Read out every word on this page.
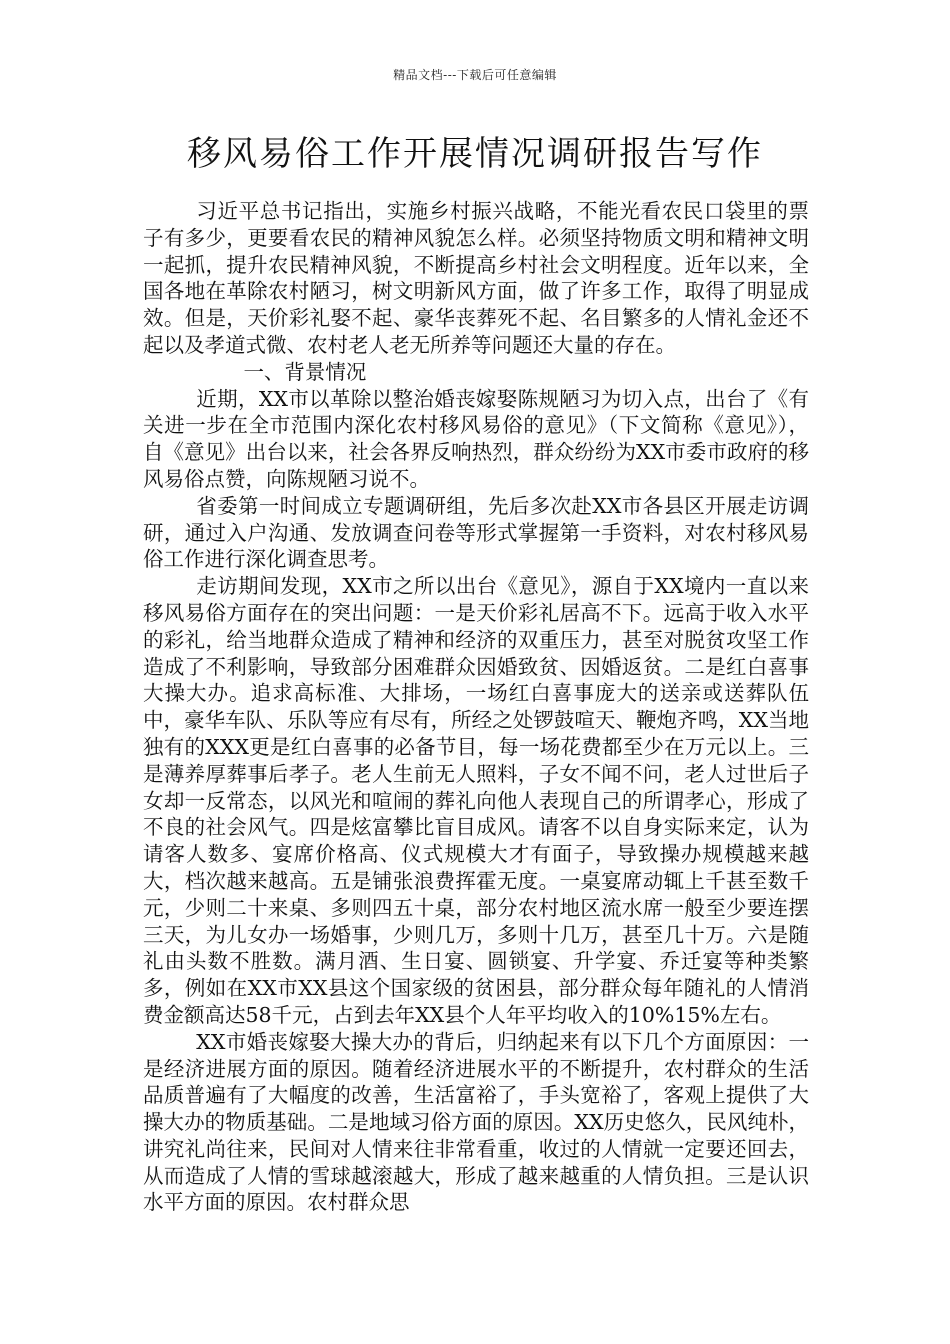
精品文档---下载后可任意编辑
移风易俗工作开展情况调研报告写作

习近平总书记指出，实施乡村振兴战略，不能光看农民口袋里的票子有多少，更要看农民的精神风貌怎么样。必须坚持物质文明和精神文明一起抓，提升农民精神风貌，不断提高乡村社会文明程度。近年以来，全国各地在革除农村陋习，树文明新风方面，做了许多工作，取得了明显成效。但是，天价彩礼娶不起、豪华丧葬死不起、名目繁多的人情礼金还不起以及孝道式微、农村老人老无所养等问题还大量的存在。

一、背景情况

近期，XX市以革除以整治婚丧嫁娶陈规陋习为切入点，出台了《有关进一步在全市范围内深化农村移风易俗的意见》（下文简称《意见》），自《意见》出台以来，社会各界反响热烈，群众纷纷为XX市委市政府的移风易俗点赞，向陈规陋习说不。

省委第一时间成立专题调研组，先后多次赴XX市各县区开展走访调研，通过入户沟通、发放调查问卷等形式掌握第一手资料，对农村移风易俗工作进行深化调查思考。

走访期间发现，XX市之所以出台《意见》，源自于XX境内一直以来移风易俗方面存在的突出问题：一是天价彩礼居高不下。远高于收入水平的彩礼，给当地群众造成了精神和经济的双重压力，甚至对脱贫攻坚工作造成了不利影响，导致部分困难群众因婚致贫、因婚返贫。二是红白喜事大操大办。追求高标准、大排场，一场红白喜事庞大的送亲或送葬队伍中，豪华车队、乐队等应有尽有，所经之处锣鼓喧天、鞭炮齐鸣，XX当地独有的XXX更是红白喜事的必备节目，每一场花费都至少在万元以上。三是薄养厚葬事后孝子。老人生前无人照料，子女不闻不问，老人过世后子女却一反常态，以风光和喧闹的葬礼向他人表现自己的所谓孝心，形成了不良的社会风气。四是炫富攀比盲目成风。请客不以自身实际来定，认为请客人数多、宴席价格高、仪式规模大才有面子，导致操办规模越来越大，档次越来越高。五是铺张浪费挥霍无度。一桌宴席动辄上千甚至数千元，少则二十来桌、多则四五十桌，部分农村地区流水席一般至少要连摆三天，为儿女办一场婚事，少则几万，多则十几万，甚至几十万。六是随礼由头数不胜数。满月酒、生日宴、圆锁宴、升学宴、乔迁宴等种类繁多，例如在XX市XX县这个国家级的贫困县，部分群众每年随礼的人情消费金额高达58千元，占到去年XX县个人年平均收入的10%15%左右。

XX市婚丧嫁娶大操大办的背后，归纳起来有以下几个方面原因：一是经济进展方面的原因。随着经济进展水平的不断提升，农村群众的生活品质普遍有了大幅度的改善，生活富裕了，手头宽裕了，客观上提供了大操大办的物质基础。二是地域习俗方面的原因。XX历史悠久，民风纯朴，讲究礼尚往来，民间对人情来往非常看重，收过的人情就一定要还回去，从而造成了人情的雪球越滚越大，形成了越来越重的人情负担。三是认识水平方面的原因。农村群众思
